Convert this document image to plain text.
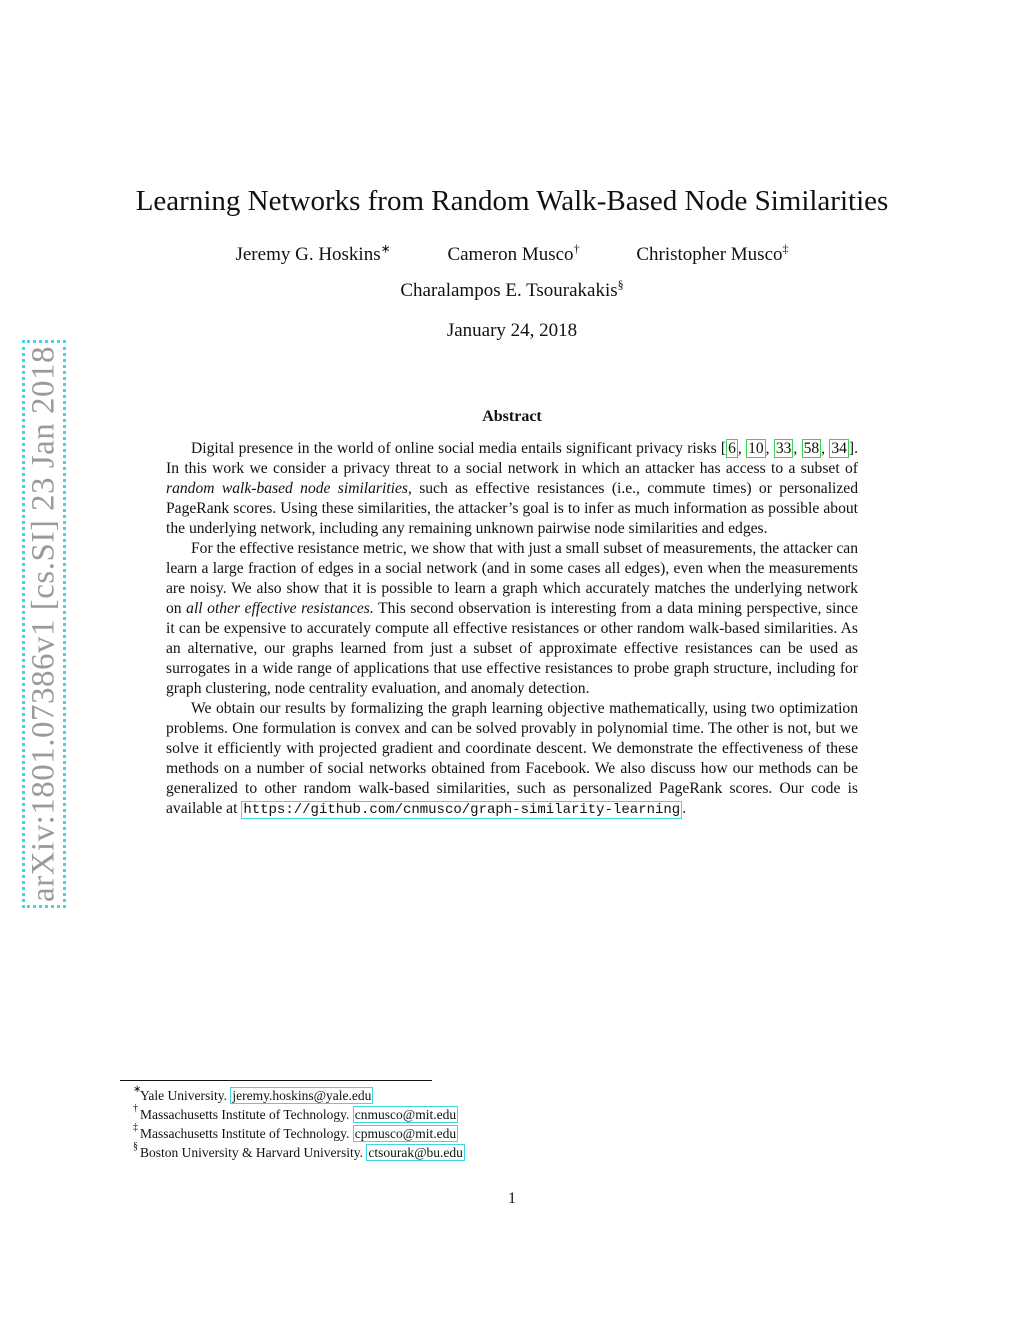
arXiv:1801.07386v1 [cs.SI] 23 Jan 2018
Learning Networks from Random Walk-Based Node Similarities
Jeremy G. Hoskins∗	Cameron Musco†	Christopher Musco‡
Charalampos E. Tsourakakis§
January 24, 2018
Abstract

Digital presence in the world of online social media entails significant privacy risks [ 6 , 10 , 33 , 58 , 34 ]. In this work we consider a privacy threat to a social network in which an attacker has access to a subset of random walk-based node similarities, such as effective resistances (i.e., commute times) or personalized PageRank scores. Using these similarities, the attacker’s goal is to infer as much information as possible about the underlying network, including any remaining unknown pairwise node similarities and edges.

For the effective resistance metric, we show that with just a small subset of measurements, the attacker can learn a large fraction of edges in a social network (and in some cases all edges), even when the measurements are noisy. We also show that it is possible to learn a graph which accurately matches the underlying network on all other effective resistances. This second observation is interesting from a data mining perspective, since it can be expensive to accurately compute all effective resistances or other random walk-based similarities. As an alternative, our graphs learned from just a subset of approximate effective resistances can be used as surrogates in a wide range of applications that use effective resistances to probe graph structure, including for graph clustering, node centrality evaluation, and anomaly detection.

We obtain our results by formalizing the graph learning objective mathematically, using two optimization problems. One formulation is convex and can be solved provably in polynomial time. The other is not, but we solve it efficiently with projected gradient and coordinate descent. We demonstrate the effectiveness of these methods on a number of social networks obtained from Facebook. We also discuss how our methods can be generalized to other random walk-based similarities, such as personalized PageRank scores. Our code is available at https://github.com/cnmusco/graph-similarity-learning .

∗
Yale University. jeremy.hoskins@yale.edu
† Massachusetts Institute of Technology. cnmusco@mit.edu
‡ Massachusetts Institute of Technology. cpmusco@mit.edu
§ Boston University & Harvard University. ctsourak@bu.edu
1
